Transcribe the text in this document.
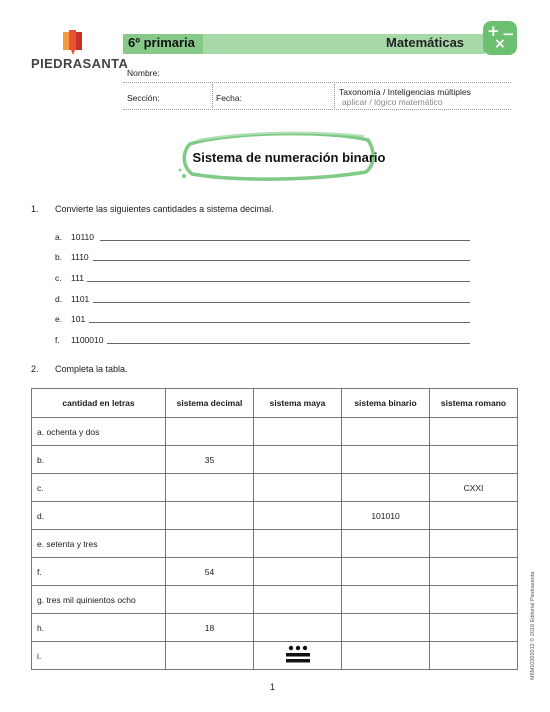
PIEDRASANTA
6º primaria	Matemáticas
+ −
×
Nombre:
Sección:	Fecha:
Taxonomía / Inteligencias múltiples
aplicar / lógico matemático
Sistema de numeración binario
1. Convierte las siguientes cantidades a sistema decimal.
a. 10110
b. 1110
c. 111
d. 1101
e. 101
f. 1100010
2. Completa la tabla.
cantidad en letras	sistema decimal	sistema maya	sistema binario	sistema romano
a. ochenta y dos				
b.	35			
c.				CXXI
d.			101010	
e. setenta y tres				
f.	54			
g. tres mil quinientos ocho				
h.	18			
i.					M6M10202012 © 2018 Editorial Piedrasanta
1
